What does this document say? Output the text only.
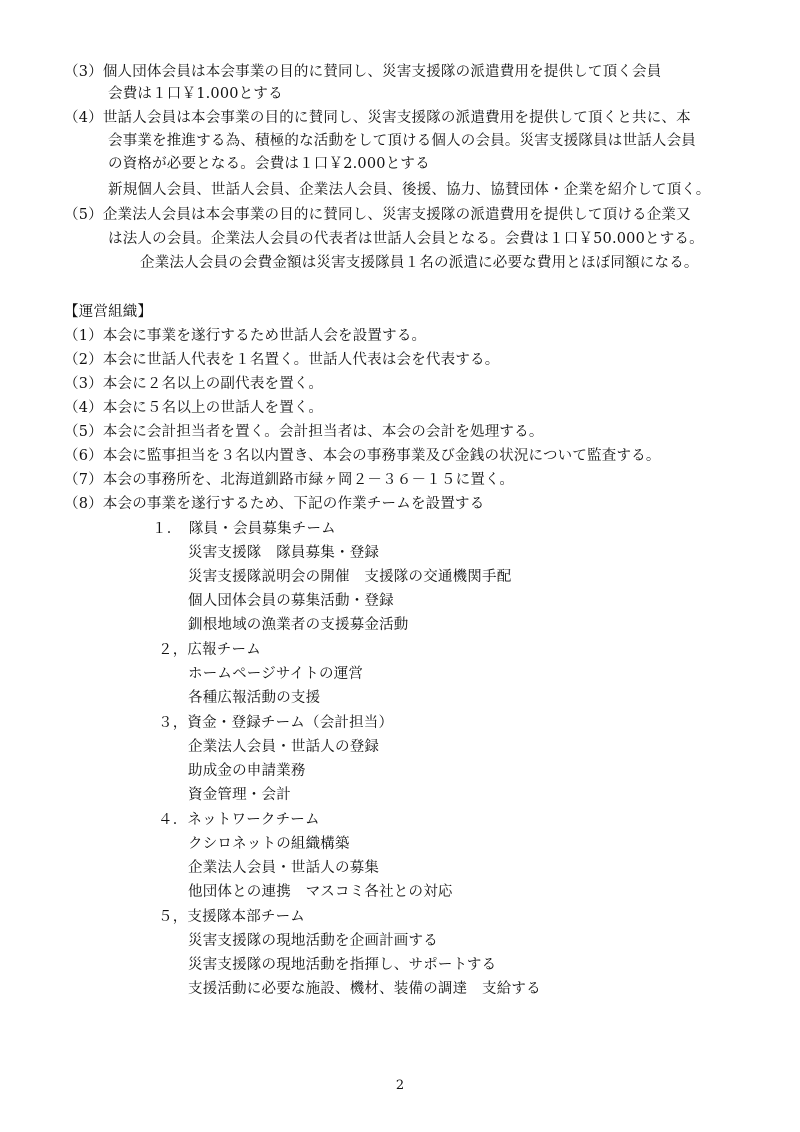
（3）個人団体会員は本会事業の目的に賛同し、災害支援隊の派遣費用を提供して頂く会員
会費は１口￥1.000とする
（4）世話人会員は本会事業の目的に賛同し、災害支援隊の派遣費用を提供して頂くと共に、本
会事業を推進する為、積極的な活動をして頂ける個人の会員。災害支援隊員は世話人会員
の資格が必要となる。会費は１口￥2.000とする
新規個人会員、世話人会員、企業法人会員、後援、協力、協賛団体・企業を紹介して頂く。
（5）企業法人会員は本会事業の目的に賛同し、災害支援隊の派遣費用を提供して頂ける企業又
は法人の会員。企業法人会員の代表者は世話人会員となる。会費は１口￥50.000とする。
企業法人会員の会費金額は災害支援隊員１名の派遣に必要な費用とほぼ同額になる。
【運営組織】
（1）本会に事業を遂行するため世話人会を設置する。
（2）本会に世話人代表を１名置く。世話人代表は会を代表する。
（3）本会に２名以上の副代表を置く。
（4）本会に５名以上の世話人を置く。
（5）本会に会計担当者を置く。会計担当者は、本会の会計を処理する。
（6）本会に監事担当を３名以内置き、本会の事務事業及び金銭の状況について監査する。
（7）本会の事務所を、北海道釧路市緑ヶ岡２－３６－１５に置く。
（8）本会の事業を遂行するため、下記の作業チームを設置する
１．　隊員・会員募集チーム
災害支援隊　隊員募集・登録
災害支援隊説明会の開催　支援隊の交通機関手配
個人団体会員の募集活動・登録
釧根地域の漁業者の支援募金活動
２，広報チーム
ホームページサイトの運営
各種広報活動の支援
３，資金・登録チーム（会計担当）
企業法人会員・世話人の登録
助成金の申請業務
資金管理・会計
４．ネットワークチーム
クシロネットの組織構築
企業法人会員・世話人の募集
他団体との連携　マスコミ各社との対応
５，支援隊本部チーム
災害支援隊の現地活動を企画計画する
災害支援隊の現地活動を指揮し、サポートする
支援活動に必要な施設、機材、装備の調達　支給する
2
